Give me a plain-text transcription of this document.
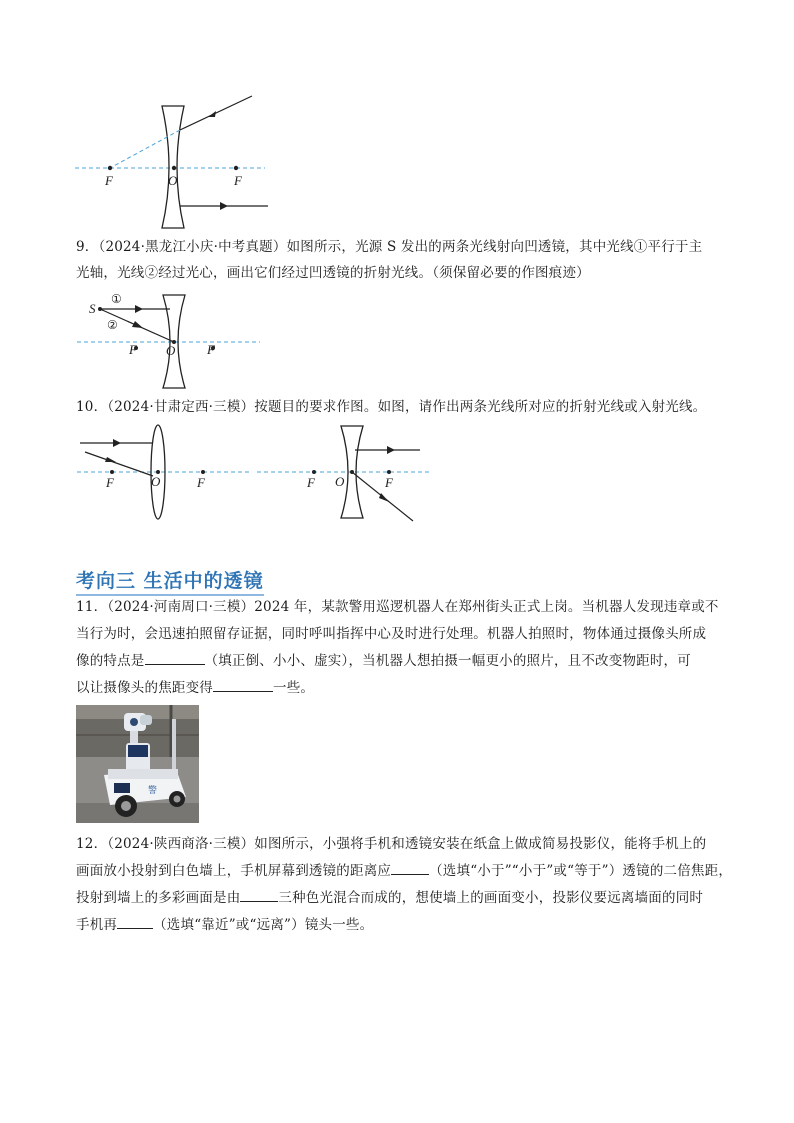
F	O	F
9．（2024·黑龙江小庆·中考真题）如图所示，光源 S 发出的两条光线射向凹透镜，其中光线①平行于主
光轴，光线②经过光心，画出它们经过凹透镜的折射光线。（须保留必要的作图痕迹）
S
①
②
F O F
10．（2024·甘肃定西·三模）按题目的要求作图。如图，请作出两条光线所对应的折射光线或入射光线。
F	O	F	F O	F
考向三 生活中的透镜
11．（2024·河南周口·三模）2024 年，某款警用巡逻机器人在郑州街头正式上岗。当机器人发现违章或不
当行为时，会迅速拍照留存证据，同时呼叫指挥中心及时进行处理。机器人拍照时，物体通过摄像头所成
像的特点是	（填正倒、小小、虚实），当机器人想拍摄一幅更小的照片，且不改变物距时，可
以让摄像头的焦距变得	一些。
警
12．（2024·陕西商洛·三模）如图所示，小强将手机和透镜安装在纸盒上做成简易投影仪，能将手机上的
画面放小投射到白色墙上，手机屏幕到透镜的距离应	（选填“小于”“小于”或“等于”）透镜的二倍焦距，
投射到墙上的多彩画面是由	三种色光混合而成的，想使墙上的画面变小，投影仪要远离墙面的同时
手机再	（选填“靠近”或“远离”）镜头一些。
